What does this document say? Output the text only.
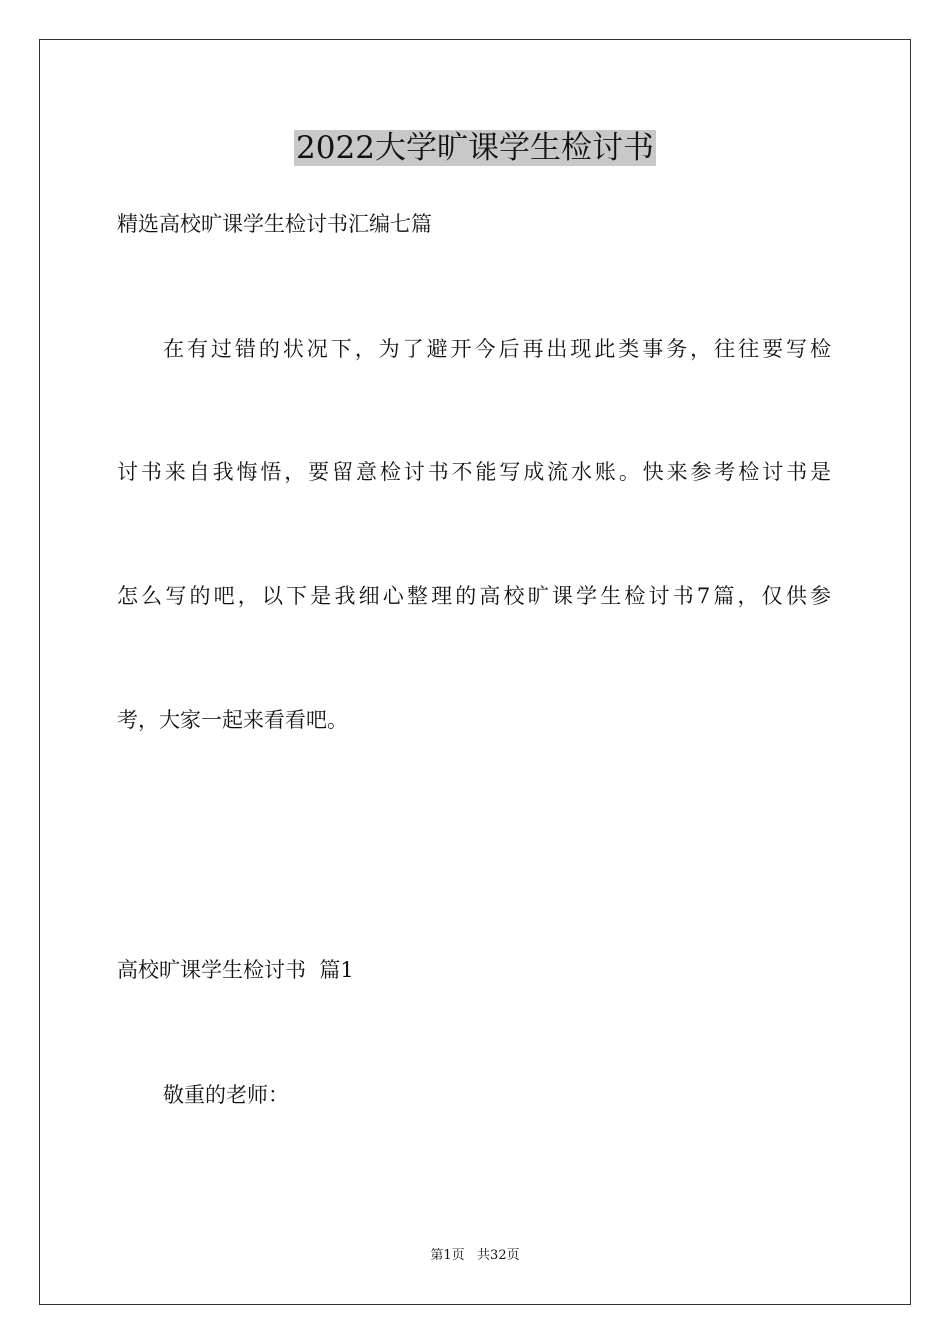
2022大学旷课学生检讨书
精选高校旷课学生检讨书汇编七篇
在有过错的状况下，为了避开今后再出现此类事务，往往要写检
讨书来自我悔悟，要留意检讨书不能写成流水账。快来参考检讨书是
怎么写的吧，以下是我细心整理的高校旷课学生检讨书7篇，仅供参
考，大家一起来看看吧。
高校旷课学生检讨书  篇1
敬重的老师：
第1页   共32页
